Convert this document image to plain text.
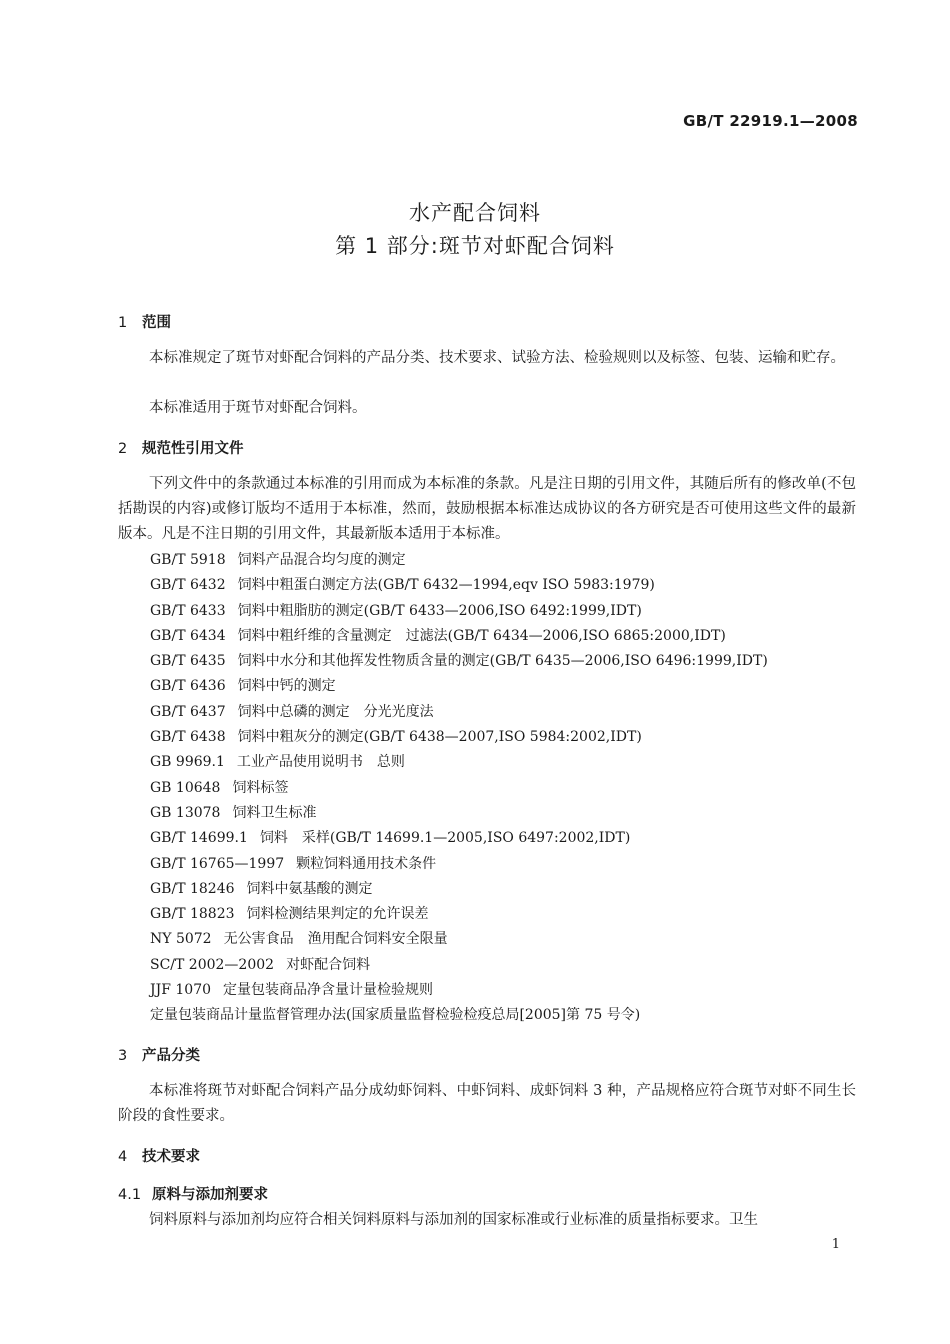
GB/T 22919.1—2008
水产配合饲料
第 1 部分:斑节对虾配合饲料
1 范围
本标准规定了斑节对虾配合饲料的产品分类、技术要求、试验方法、检验规则以及标签、包装、运输和贮存。
本标准适用于斑节对虾配合饲料。
2 规范性引用文件
下列文件中的条款通过本标准的引用而成为本标准的条款。凡是注日期的引用文件，其随后所有的修改单(不包括勘误的内容)或修订版均不适用于本标准，然而，鼓励根据本标准达成协议的各方研究是否可使用这些文件的最新版本。凡是不注日期的引用文件，其最新版本适用于本标准。
GB/T 5918 饲料产品混合均匀度的测定
GB/T 6432 饲料中粗蛋白测定方法(GB/T 6432—1994,eqv ISO 5983:1979)
GB/T 6433 饲料中粗脂肪的测定(GB/T 6433—2006,ISO 6492:1999,IDT)
GB/T 6434 饲料中粗纤维的含量测定　过滤法(GB/T 6434—2006,ISO 6865:2000,IDT)
GB/T 6435 饲料中水分和其他挥发性物质含量的测定(GB/T 6435—2006,ISO 6496:1999,IDT)
GB/T 6436 饲料中钙的测定
GB/T 6437 饲料中总磷的测定　分光光度法
GB/T 6438 饲料中粗灰分的测定(GB/T 6438—2007,ISO 5984:2002,IDT)
GB 9969.1 工业产品使用说明书　总则
GB 10648 饲料标签
GB 13078 饲料卫生标准
GB/T 14699.1 饲料　采样(GB/T 14699.1—2005,ISO 6497:2002,IDT)
GB/T 16765—1997 颗粒饲料通用技术条件
GB/T 18246 饲料中氨基酸的测定
GB/T 18823 饲料检测结果判定的允许误差
NY 5072 无公害食品　渔用配合饲料安全限量
SC/T 2002—2002 对虾配合饲料
JJF 1070 定量包装商品净含量计量检验规则
定量包装商品计量监督管理办法(国家质量监督检验检疫总局[2005]第 75 号令)
3 产品分类
本标准将斑节对虾配合饲料产品分成幼虾饲料、中虾饲料、成虾饲料 3 种，产品规格应符合斑节对虾不同生长阶段的食性要求。
4 技术要求
4.1 原料与添加剂要求
饲料原料与添加剂均应符合相关饲料原料与添加剂的国家标准或行业标准的质量指标要求。卫生
1
